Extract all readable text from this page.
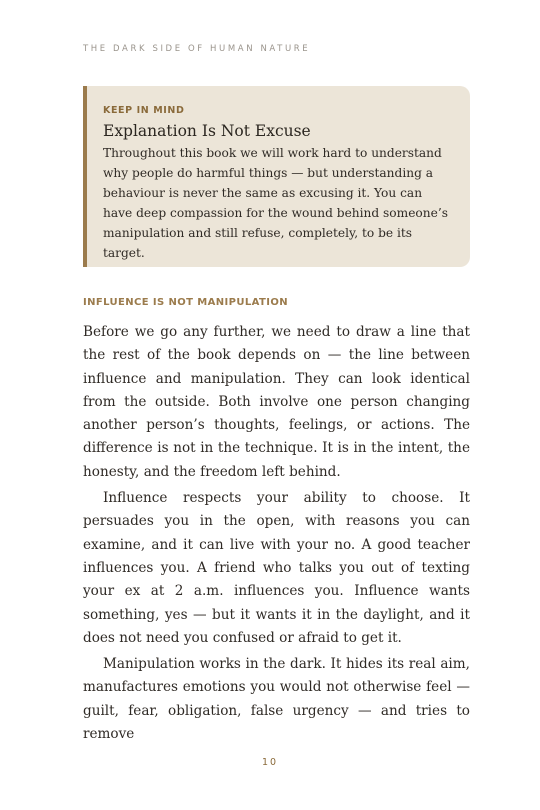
THE DARK SIDE OF HUMAN NATURE
KEEP IN MIND
Explanation Is Not Excuse
Throughout this book we will work hard to understand why people do harmful things — but understanding a behaviour is never the same as excusing it. You can have deep compassion for the wound behind someone’s manipulation and still refuse, completely, to be its target.
INFLUENCE IS NOT MANIPULATION

Before we go any further, we need to draw a line that the rest of the book depends on — the line between influence and manipulation. They can look identical from the outside. Both involve one person changing another person’s thoughts, feelings, or actions. The difference is not in the technique. It is in the intent, the honesty, and the freedom left behind.

Influence respects your ability to choose. It persuades you in the open, with reasons you can examine, and it can live with your no. A good teacher influences you. A friend who talks you out of texting your ex at 2 a.m. influences you. Influence wants something, yes — but it wants it in the daylight, and it does not need you confused or afraid to get it.

Manipulation works in the dark. It hides its real aim, manufactures emotions you would not otherwise feel — guilt, fear, obligation, false urgency — and tries to remove

10
